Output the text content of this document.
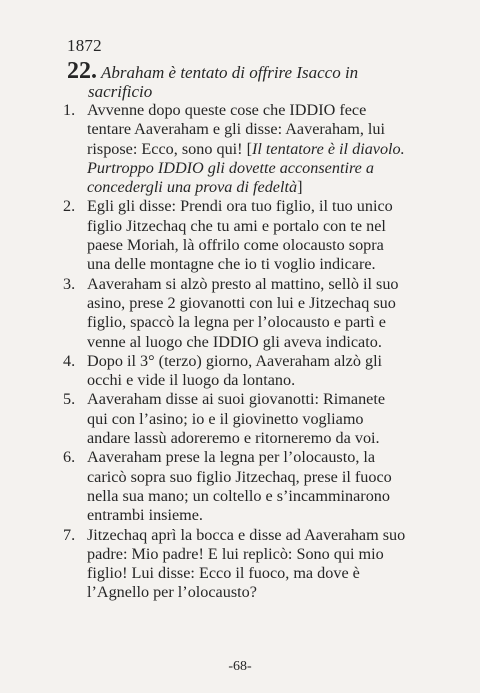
1872
22. Abraham è tentato di offrire Isacco in
sacrificio
1. Avvenne dopo queste cose che IDDIO fece tentare Aaveraham e gli disse: Aaveraham, lui rispose: Ecco, sono qui! [Il tentatore è il diavolo. Purtroppo IDDIO gli dovette acconsentire a concedergli una prova di fedeltà]
2. Egli gli disse: Prendi ora tuo figlio, il tuo unico figlio Jitzechaq che tu ami e portalo con te nel paese Moriah, là offrilo come olocausto sopra una delle montagne che io ti voglio indicare.
3. Aaveraham si alzò presto al mattino, sellò il suo asino, prese 2 giovanotti con lui e Jitzechaq suo figlio, spaccò la legna per l’olocausto e partì e venne al luogo che IDDIO gli aveva indicato.
4. Dopo il 3° (terzo) giorno, Aaveraham alzò gli occhi e vide il luogo da lontano.
5. Aaveraham disse ai suoi giovanotti: Rimanete qui con l’asino; io e il giovinetto vogliamo andare lassù adoreremo e ritorneremo da voi.
6. Aaveraham prese la legna per l’olocausto, la caricò sopra suo figlio Jitzechaq, prese il fuoco nella sua mano; un coltello e s’incamminarono entrambi insieme.
7. Jitzechaq aprì la bocca e disse ad Aaveraham suo padre: Mio padre! E lui replicò: Sono qui mio figlio! Lui disse: Ecco il fuoco, ma dove è l’Agnello per l’olocausto?
-68-
